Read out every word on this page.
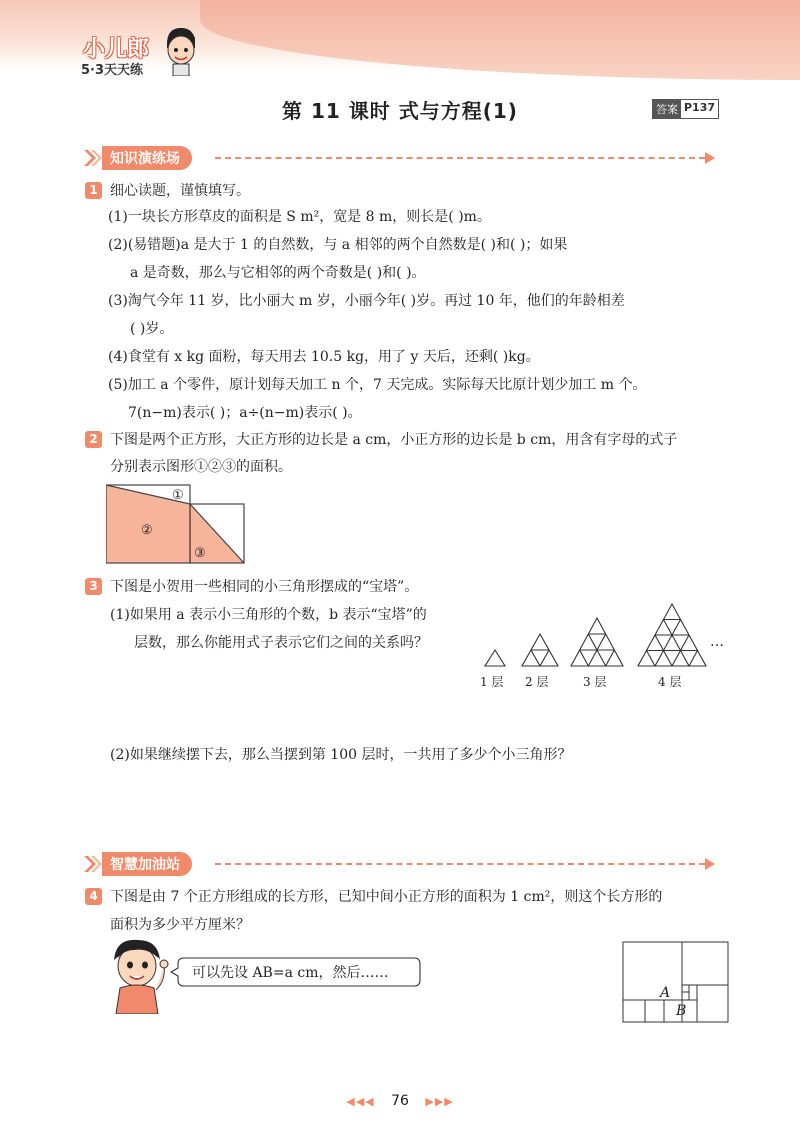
小儿郎
5·3天天练
第 11 课时 式与方程(1)	答案 P137
知识演练场
1 细心读题，谨慎填写。
(1)一块长方形草皮的面积是 S m²，宽是 8 m，则长是( )m。
(2)(易错题)a 是大于 1 的自然数，与 a 相邻的两个自然数是( )和( )；如果
a 是奇数，那么与它相邻的两个奇数是( )和( )。
(3)淘气今年 11 岁，比小丽大 m 岁，小丽今年( )岁。再过 10 年，他们的年龄相差
( )岁。
(4)食堂有 x kg 面粉，每天用去 10.5 kg，用了 y 天后，还剩( )kg。
(5)加工 a 个零件，原计划每天加工 n 个，7 天完成。实际每天比原计划少加工 m 个。
7(n−m)表示( )；a÷(n−m)表示( )。
2 下图是两个正方形，大正方形的边长是 a cm，小正方形的边长是 b cm，用含有字母的式子
分别表示图形①②③的面积。
①
②
③
3 下图是小贺用一些相同的小三角形摆成的“宝塔”。
(1)如果用 a 表示小三角形的个数，b 表示“宝塔”的
层数，那么你能用式子表示它们之间的关系吗？
1 层 2 层	3 层	4 层
…
(2)如果继续摆下去，那么当摆到第 100 层时，一共用了多少个小三角形？
智慧加油站
4 下图是由 7 个正方形组成的长方形，已知中间小正方形的面积为 1 cm²，则这个长方形的
面积为多少平方厘米？
可以先设 AB=a cm，然后……
A
B
◀◀◀ 76 ▶▶▶
